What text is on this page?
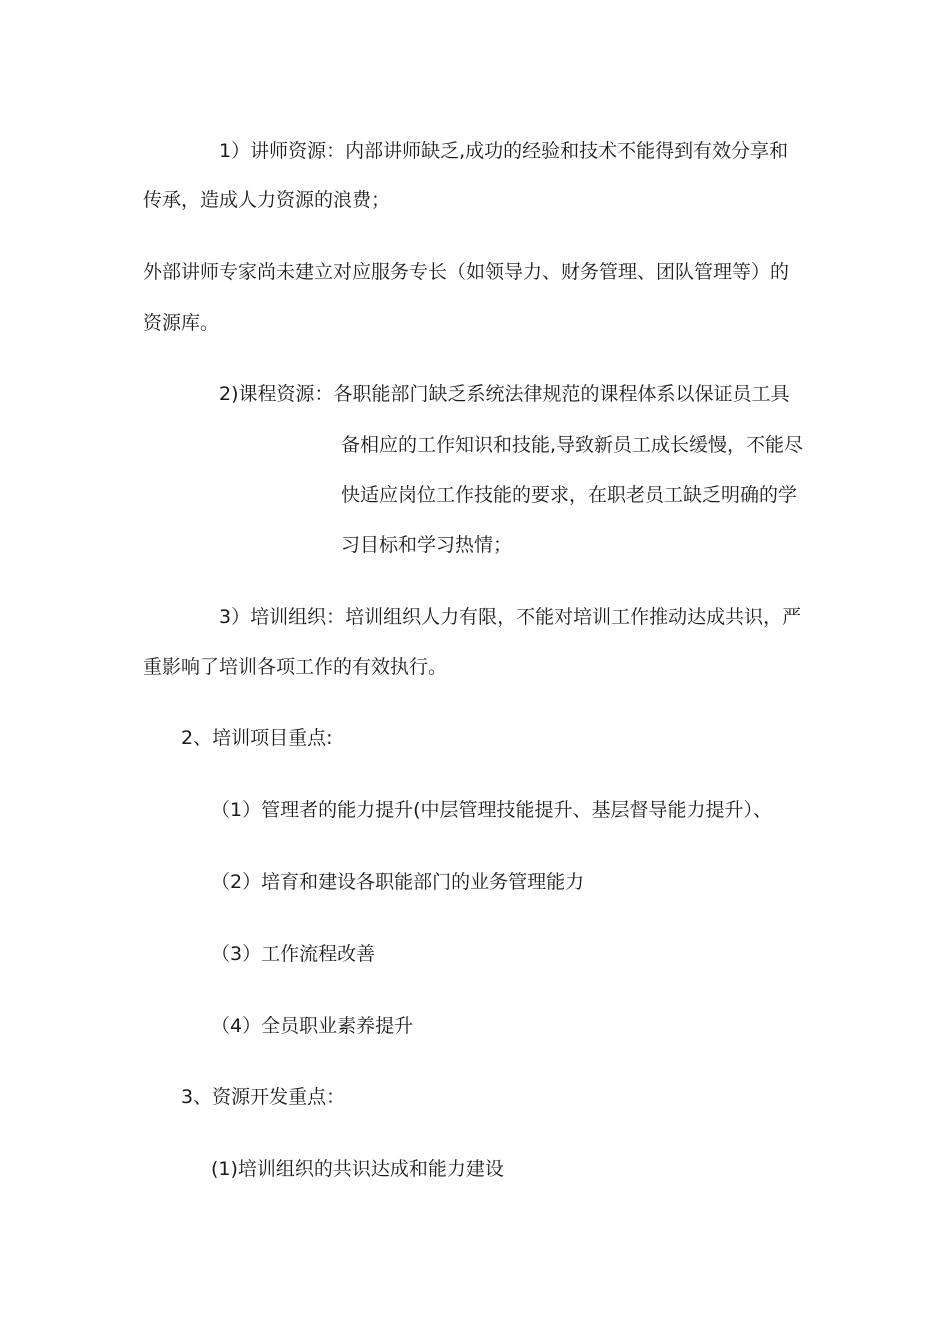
1）讲师资源：内部讲师缺乏,成功的经验和技术不能得到有效分享和
传承，造成人力资源的浪费；
外部讲师专家尚未建立对应服务专长（如领导力、财务管理、团队管理等）的
资源库。
2)课程资源：各职能部门缺乏系统法律规范的课程体系以保证员工具
备相应的工作知识和技能,导致新员工成长缓慢，不能尽
快适应岗位工作技能的要求，在职老员工缺乏明确的学
习目标和学习热情；
3）培训组织：培训组织人力有限，不能对培训工作推动达成共识，严
重影响了培训各项工作的有效执行。
2、培训项目重点:
（1）管理者的能力提升(中层管理技能提升、基层督导能力提升）、
（2）培育和建设各职能部门的业务管理能力
（3）工作流程改善
（4）全员职业素养提升
3、资源开发重点：
(1)培训组织的共识达成和能力建设
